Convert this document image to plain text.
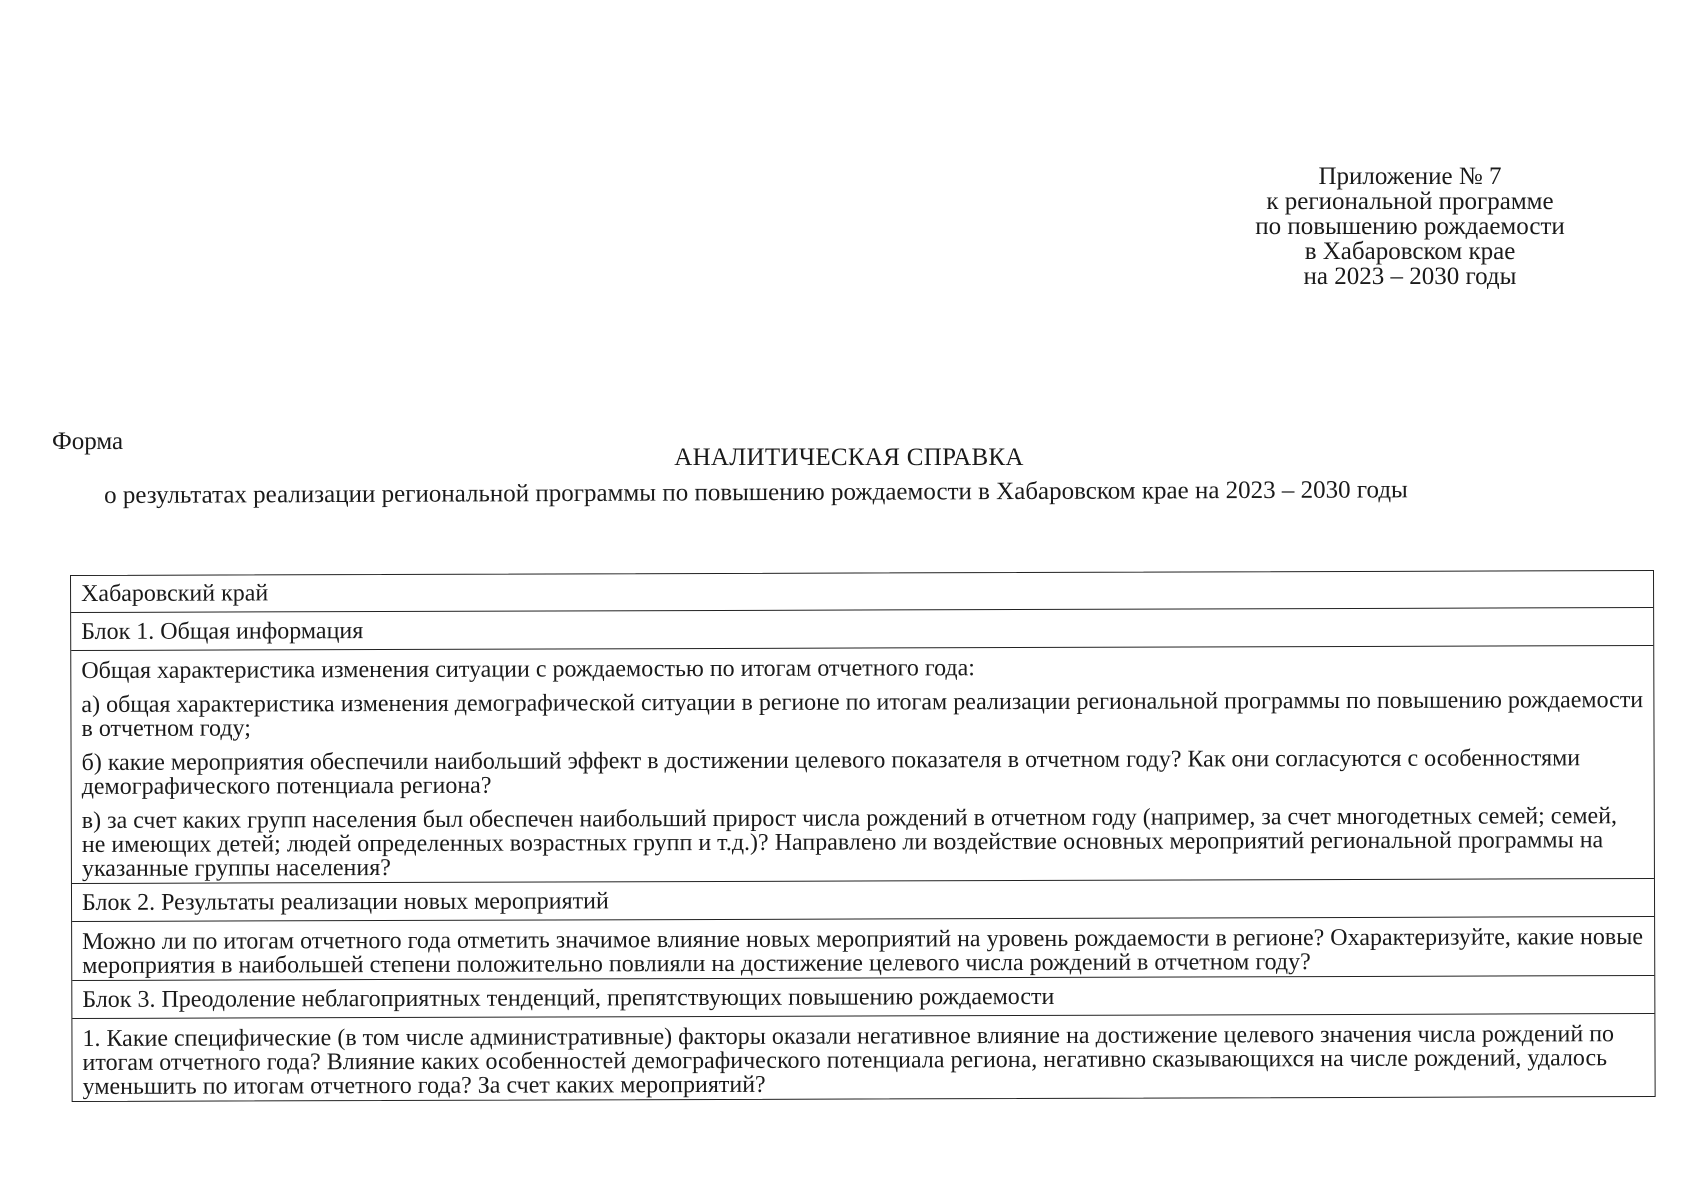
Приложение № 7
к региональной программе
по повышению рождаемости
в Хабаровском крае
на 2023 – 2030 годы
Форма
АНАЛИТИЧЕСКАЯ СПРАВКА
о результатах реализации региональной программы по повышению рождаемости в Хабаровском крае на 2023 – 2030 годы
Хабаровский край
Блок 1. Общая информация

Общая характеристика изменения ситуации с рождаемостью по итогам отчетного года:

а) общая характеристика изменения демографической ситуации в регионе по итогам реализации региональной программы по повышению рождаемости в отчетном году;

б) какие мероприятия обеспечили наибольший эффект в достижении целевого показателя в отчетном году? Как они согласуются с особенностями демографического потенциала региона?

в) за счет каких групп населения был обеспечен наибольший прирост числа рождений в отчетном году (например, за счет многодетных семей; семей, не имеющих детей; людей определенных возрастных групп и т.д.)? Направлено ли воздействие основных мероприятий региональной программы на указанные группы населения?

Блок 2. Результаты реализации новых мероприятий

Можно ли по итогам отчетного года отметить значимое влияние новых мероприятий на уровень рождаемости в регионе? Охарактеризуйте, какие новые мероприятия в наибольшей степени положительно повлияли на достижение целевого числа рождений в отчетном году?

Блок 3. Преодоление неблагоприятных тенденций, препятствующих повышению рождаемости

1. Какие специфические (в том числе административные) факторы оказали негативное влияние на достижение целевого значения числа рождений по итогам отчетного года? Влияние каких особенностей демографического потенциала региона, негативно сказывающихся на числе рождений, удалось уменьшить по итогам отчетного года? За счет каких мероприятий?
